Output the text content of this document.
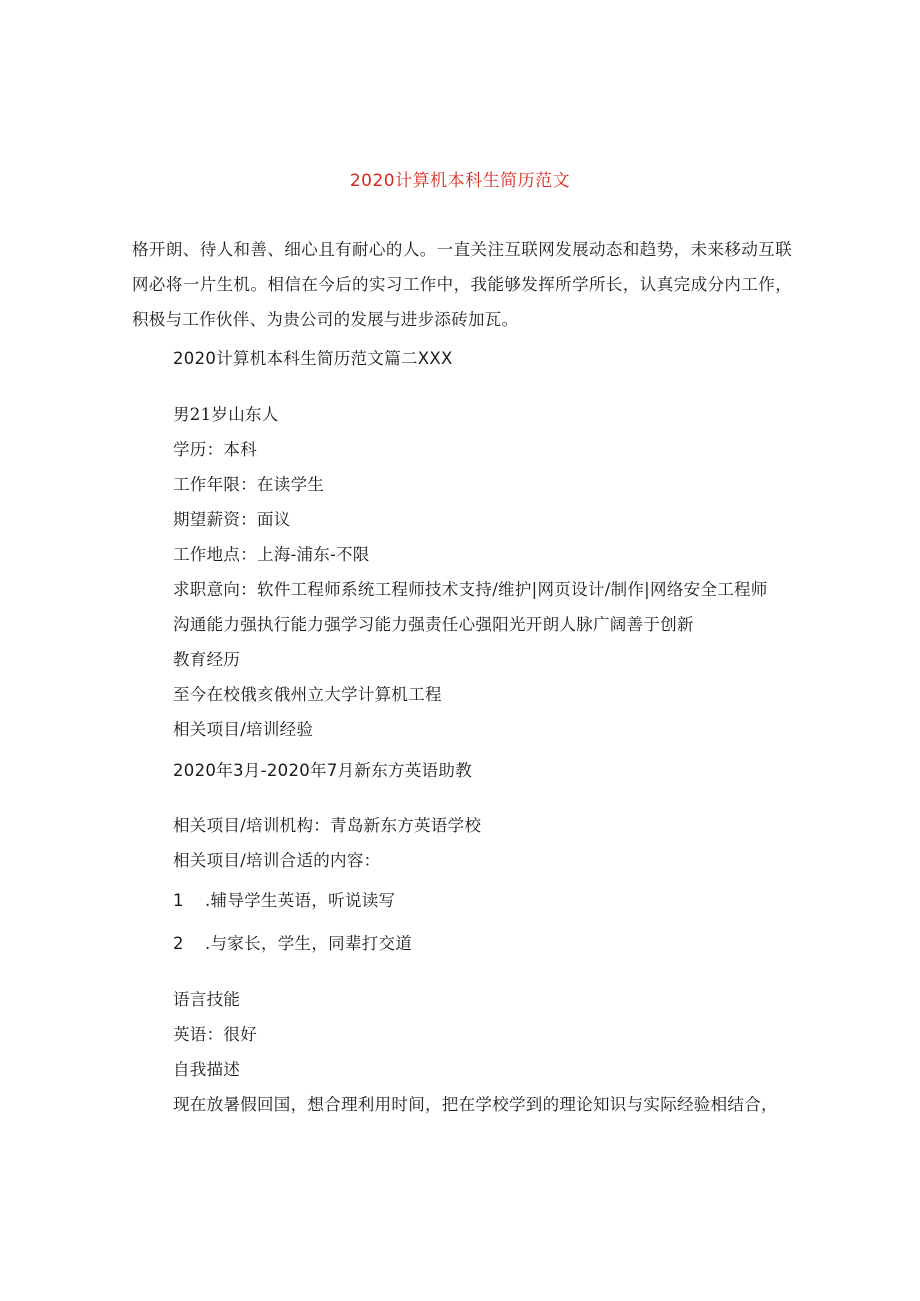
2020计算机本科生简历范文
格开朗、待人和善、细心且有耐心的人。一直关注互联网发展动态和趋势，未来移动互联网必将一片生机。相信在今后的实习工作中，我能够发挥所学所长，认真完成分内工作，积极与工作伙伴、为贵公司的发展与进步添砖加瓦。
2020计算机本科生简历范文篇二XXX
男21岁山东人
学历：本科
工作年限：在读学生
期望薪资：面议
工作地点：上海-浦东-不限
求职意向：软件工程师系统工程师技术支持/维护|网页设计/制作|网络安全工程师
沟通能力强执行能力强学习能力强责任心强阳光开朗人脉广阔善于创新
教育经历
至今在校俄亥俄州立大学计算机工程
相关项目/培训经验
2020年3月-2020年7月新东方英语助教
相关项目/培训机构：青岛新东方英语学校
相关项目/培训合适的内容：
1 .辅导学生英语，听说读写
2 .与家长，学生，同辈打交道
语言技能
英语：很好
自我描述
现在放暑假回国，想合理利用时间，把在学校学到的理论知识与实际经验相结合，
